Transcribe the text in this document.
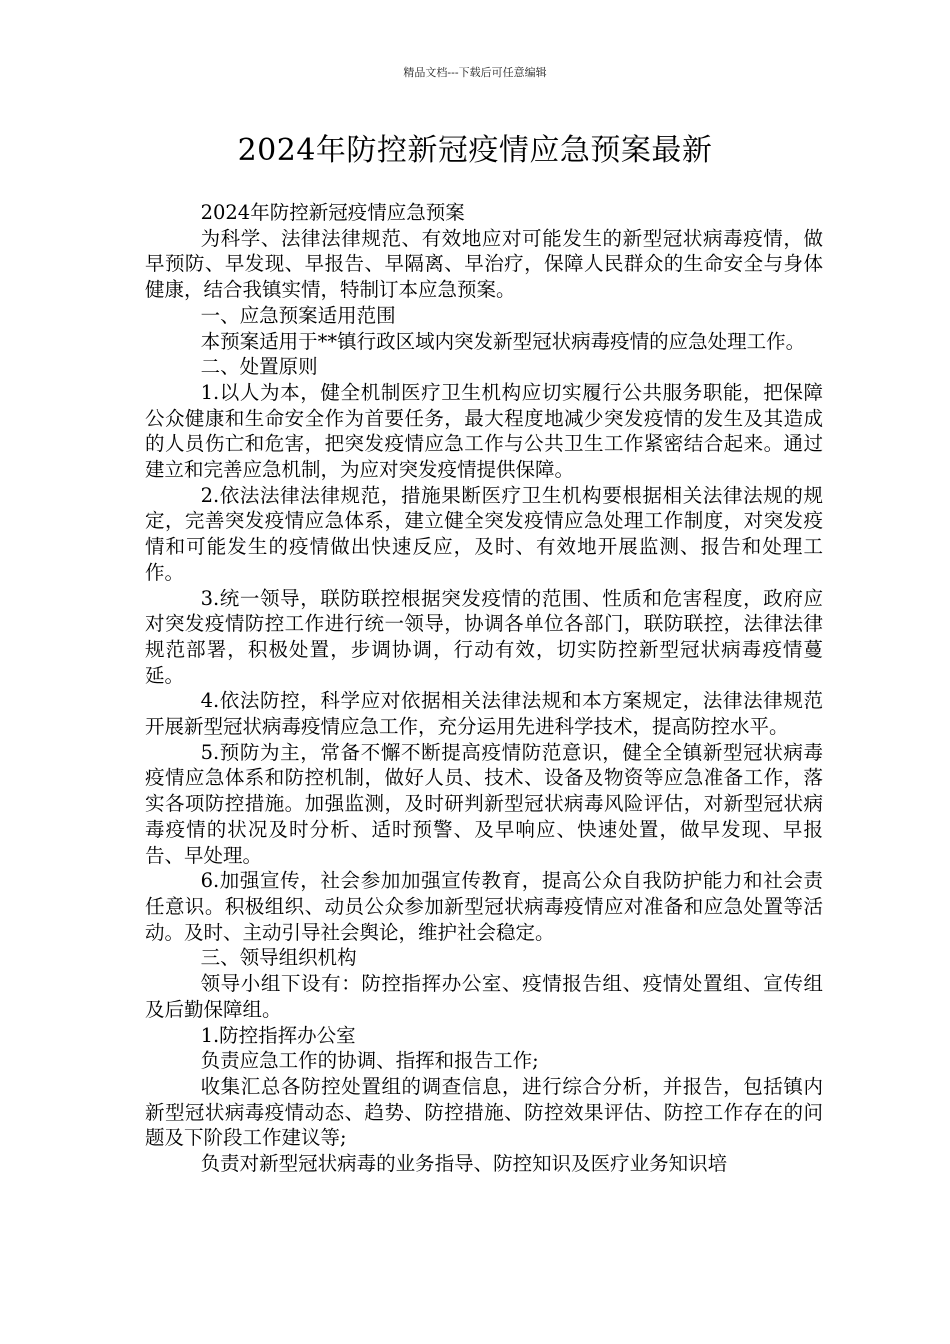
精品文档---下载后可任意编辑
2024年防控新冠疫情应急预案最新

2024年防控新冠疫情应急预案

为科学、法律法律规范、有效地应对可能发生的新型冠状病毒疫情，做早预防、早发现、早报告、早隔离、早治疗，保障人民群众的生命安全与身体健康，结合我镇实情，特制订本应急预案。

一、应急预案适用范围

本预案适用于**镇行政区域内突发新型冠状病毒疫情的应急处理工作。

二、处置原则

1.以人为本，健全机制医疗卫生机构应切实履行公共服务职能，把保障公众健康和生命安全作为首要任务，最大程度地减少突发疫情的发生及其造成的人员伤亡和危害，把突发疫情应急工作与公共卫生工作紧密结合起来。通过建立和完善应急机制，为应对突发疫情提供保障。

2.依法法律法律规范，措施果断医疗卫生机构要根据相关法律法规的规定，完善突发疫情应急体系，建立健全突发疫情应急处理工作制度，对突发疫情和可能发生的疫情做出快速反应，及时、有效地开展监测、报告和处理工作。

3.统一领导，联防联控根据突发疫情的范围、性质和危害程度，政府应对突发疫情防控工作进行统一领导，协调各单位各部门，联防联控，法律法律规范部署，积极处置，步调协调，行动有效，切实防控新型冠状病毒疫情蔓延。

4.依法防控，科学应对依据相关法律法规和本方案规定，法律法律规范开展新型冠状病毒疫情应急工作，充分运用先进科学技术，提高防控水平。

5.预防为主，常备不懈不断提高疫情防范意识，健全全镇新型冠状病毒疫情应急体系和防控机制，做好人员、技术、设备及物资等应急准备工作，落实各项防控措施。加强监测，及时研判新型冠状病毒风险评估，对新型冠状病毒疫情的状况及时分析、适时预警、及早响应、快速处置，做早发现、早报告、早处理。

6.加强宣传，社会参加加强宣传教育，提高公众自我防护能力和社会责任意识。积极组织、动员公众参加新型冠状病毒疫情应对准备和应急处置等活动。及时、主动引导社会舆论，维护社会稳定。

三、领导组织机构

领导小组下设有：防控指挥办公室、疫情报告组、疫情处置组、宣传组及后勤保障组。

1.防控指挥办公室

负责应急工作的协调、指挥和报告工作;

收集汇总各防控处置组的调查信息，进行综合分析，并报告，包括镇内新型冠状病毒疫情动态、趋势、防控措施、防控效果评估、防控工作存在的问题及下阶段工作建议等;

负责对新型冠状病毒的业务指导、防控知识及医疗业务知识培
